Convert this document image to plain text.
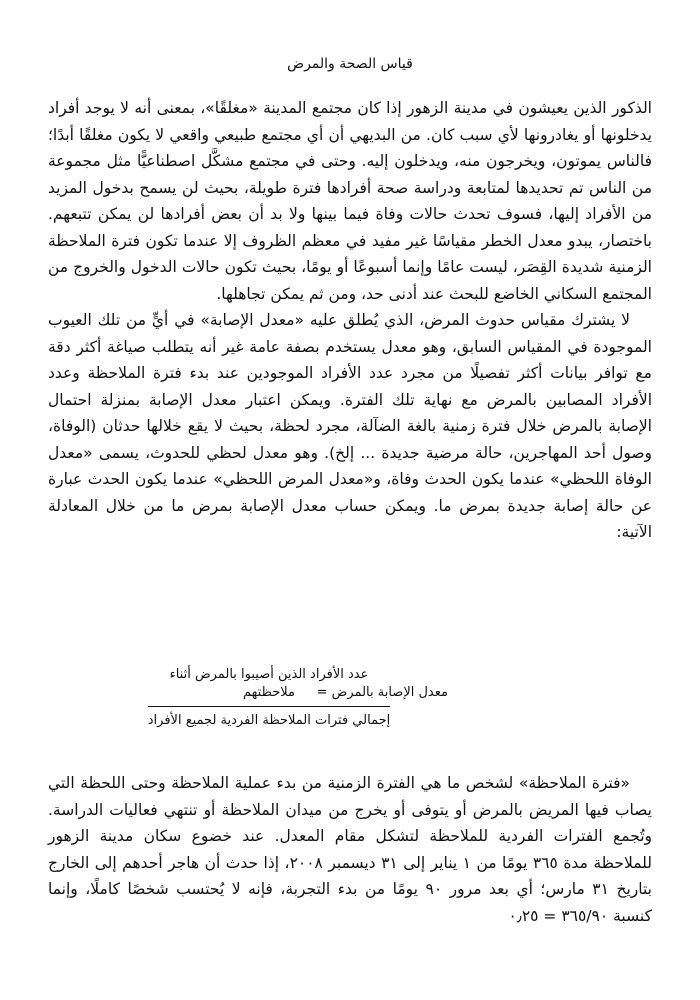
قياس الصحة والمرض

الذكور الذين يعيشون في مدينة الزهور إذا كان مجتمع المدينة «مغلقًا»، بمعنى أنه لا يوجد أفراد يدخلونها أو يغادرونها لأي سبب كان. من البديهي أن أي مجتمع طبيعي واقعي لا يكون مغلقًا أبدًا؛ فالناس يموتون، ويخرجون منه، ويدخلون إليه. وحتى في مجتمع مشكَّل اصطناعيًّا مثل مجموعة من الناس تم تحديدها لمتابعة ودراسة صحة أفرادها فترة طويلة، بحيث لن يسمح بدخول المزيد من الأفراد إليها، فسوف تحدث حالات وفاة فيما بينها ولا بد أن بعض أفرادها لن يمكن تتبعهم. باختصار، يبدو معدل الخطر مقياسًا غير مفيد في معظم الظروف إلا عندما تكون فترة الملاحظة الزمنية شديدة القِصَر، ليست عامًا وإنما أسبوعًا أو يومًا، بحيث تكون حالات الدخول والخروج من المجتمع السكاني الخاضع للبحث عند أدنى حد، ومن ثم يمكن تجاهلها.

لا يشترك مقياس حدوث المرض، الذي يُطلق عليه «معدل الإصابة» في أيٍّ من تلك العيوب الموجودة في المقياس السابق، وهو معدل يستخدم بصفة عامة غير أنه يتطلب صياغة أكثر دقة مع توافر بيانات أكثر تفصيلًا من مجرد عدد الأفراد الموجودين عند بدء فترة الملاحظة وعدد الأفراد المصابين بالمرض مع نهاية تلك الفترة. ويمكن اعتبار معدل الإصابة بمنزلة احتمال الإصابة بالمرض خلال فترة زمنية بالغة الضآلة، مجرد لحظة، بحيث لا يقع خلالها حدثان (الوفاة، وصول أحد المهاجرين، حالة مرضية جديدة ... إلخ). وهو معدل لحظي للحدوث، يسمى «معدل الوفاة اللحظي» عندما يكون الحدث وفاة، و«معدل المرض اللحظي» عندما يكون الحدث عبارة عن حالة إصابة جديدة بمرض ما. ويمكن حساب معدل الإصابة بمرض ما من خلال المعادلة الآتية:

معدل الإصابة بالمرض =
عدد الأفراد الذين أصيبوا بالمرض أثناء ملاحظتهم
إجمالي فترات الملاحظة الفردية لجميع الأفراد

«فترة الملاحظة» لشخص ما هي الفترة الزمنية من بدء عملية الملاحظة وحتى اللحظة التي يصاب فيها المريض بالمرض أو يتوفى أو يخرج من ميدان الملاحظة أو تنتهي فعاليات الدراسة. وتُجمع الفترات الفردية للملاحظة لتشكل مقام المعدل. عند خضوع سكان مدينة الزهور للملاحظة مدة ٣٦٥ يومًا من ١ يناير إلى ٣١ ديسمبر ٢٠٠٨، إذا حدث أن هاجر أحدهم إلى الخارج بتاريخ ٣١ مارس؛ أي بعد مرور ٩٠ يومًا من بدء التجربة، فإنه لا يُحتسب شخصًا كاملًا، وإنما كنسبة ٣٦٥/٩٠ = ٠٫٢٥
